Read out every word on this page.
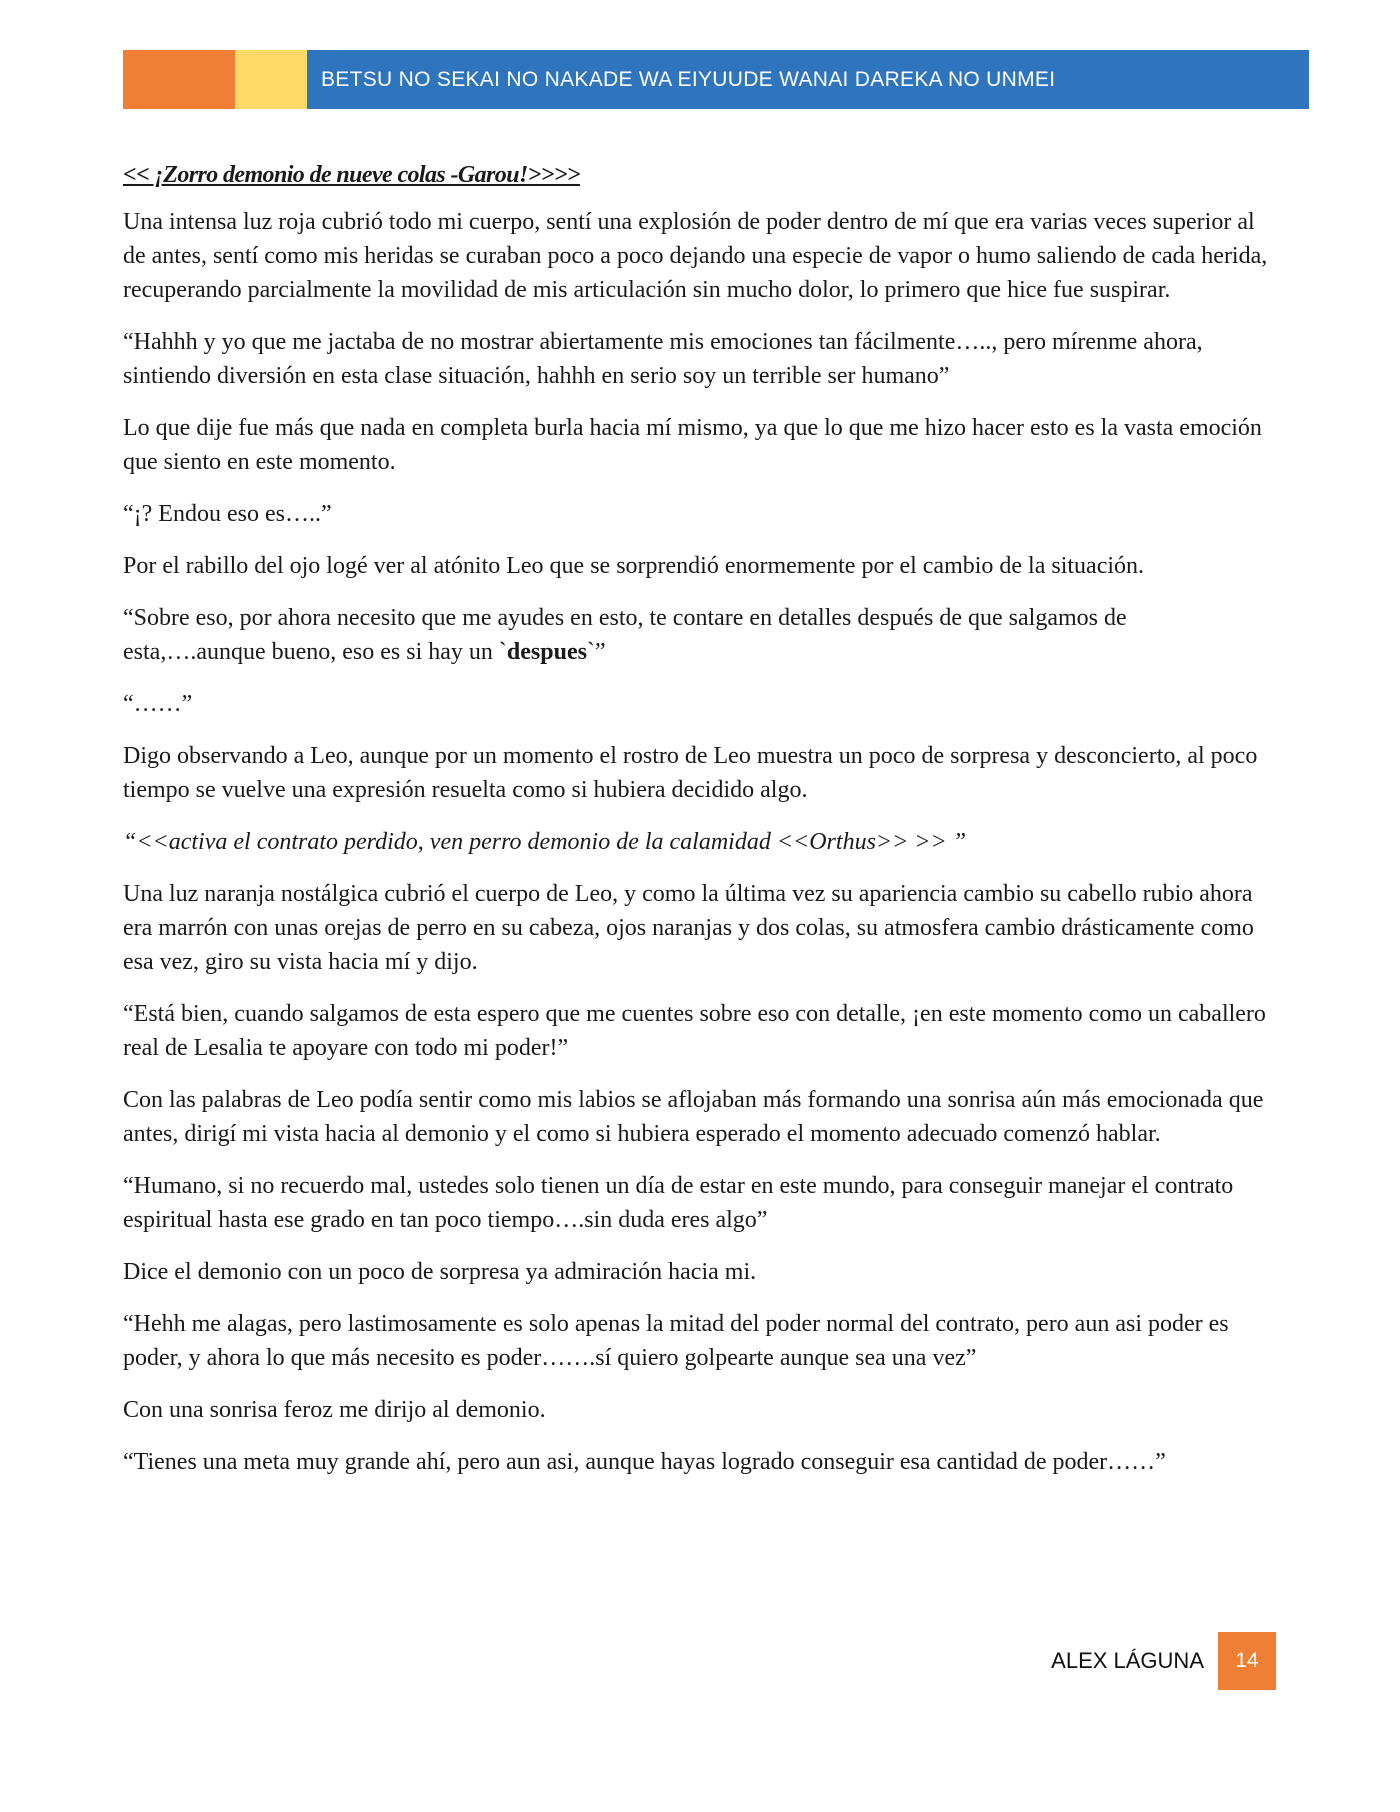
BETSU NO SEKAI NO NAKADE WA EIYUUDE WANAI DAREKA NO UNMEI

<< ¡Zorro demonio de nueve colas -Garou!>>>>

Una intensa luz roja cubrió todo mi cuerpo, sentí una explosión de poder dentro de mí que era varias veces superior al de antes, sentí como mis heridas se curaban poco a poco dejando una especie de vapor o humo saliendo de cada herida, recuperando parcialmente la movilidad de mis articulación sin mucho dolor, lo primero que hice fue suspirar.

“Hahhh y yo que me jactaba de no mostrar abiertamente mis emociones tan fácilmente….., pero mírenme ahora, sintiendo diversión en esta clase situación, hahhh en serio soy un terrible ser humano”

Lo que dije fue más que nada en completa burla hacia mí mismo, ya que lo que me hizo hacer esto es la vasta emoción que siento en este momento.

“¡? Endou eso es…..”

Por el rabillo del ojo logé ver al atónito Leo que se sorprendió enormemente por el cambio de la situación.

“Sobre eso, por ahora necesito que me ayudes en esto, te contare en detalles después de que salgamos de esta,….aunque bueno, eso es si hay un `despues`”

“……”

Digo observando a Leo, aunque por un momento el rostro de Leo muestra un poco de sorpresa y desconcierto, al poco tiempo se vuelve una expresión resuelta como si hubiera decidido algo.

“<<activa el contrato perdido, ven perro demonio de la calamidad <<Orthus>> >> ”

Una luz naranja nostálgica cubrió el cuerpo de Leo, y como la última vez su apariencia cambio su cabello rubio ahora era marrón con unas orejas de perro en su cabeza, ojos naranjas y dos colas, su atmosfera cambio drásticamente como esa vez, giro su vista hacia mí y dijo.

“Está bien, cuando salgamos de esta espero que me cuentes sobre eso con detalle, ¡en este momento como un caballero real de Lesalia te apoyare con todo mi poder!”

Con las palabras de Leo podía sentir como mis labios se aflojaban más formando una sonrisa aún más emocionada que antes, dirigí mi vista hacia al demonio y el como si hubiera esperado el momento adecuado comenzó hablar.

“Humano, si no recuerdo mal, ustedes solo tienen un día de estar en este mundo, para conseguir manejar el contrato espiritual hasta ese grado en tan poco tiempo….sin duda eres algo”

Dice el demonio con un poco de sorpresa ya admiración hacia mi.

“Hehh me alagas, pero lastimosamente es solo apenas la mitad del poder normal del contrato, pero aun asi poder es poder, y ahora lo que más necesito es poder…….sí quiero golpearte aunque sea una vez”

Con una sonrisa feroz me dirijo al demonio.

“Tienes una meta muy grande ahí, pero aun asi, aunque hayas logrado conseguir esa cantidad de poder……”

ALEX LÁGUNA	14
